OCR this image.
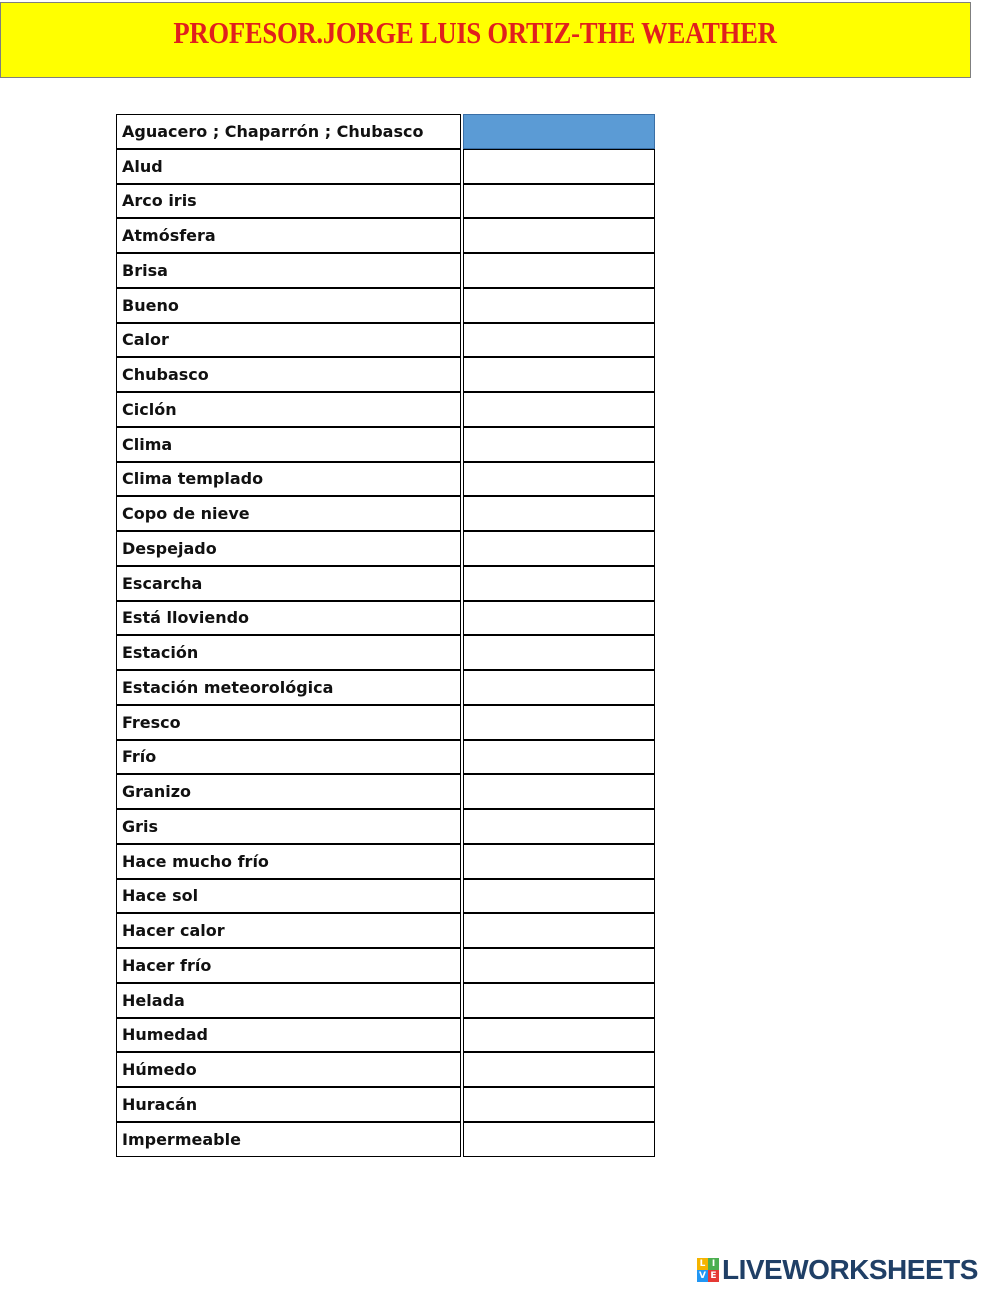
PROFESOR.JORGE LUIS ORTIZ-THE WEATHER
Aguacero ; Chaparrón ; Chubasco
Alud
Arco iris
Atmósfera
Brisa
Bueno
Calor
Chubasco
Ciclón
Clima
Clima templado
Copo de nieve
Despejado
Escarcha
Está lloviendo
Estación
Estación meteorológica
Fresco
Frío
Granizo
Gris
Hace mucho frío
Hace sol
Hacer calor
Hacer frío
Helada
Humedad
Húmedo
Huracán
Impermeable
L I
V E LIVEWORKSHEETS
